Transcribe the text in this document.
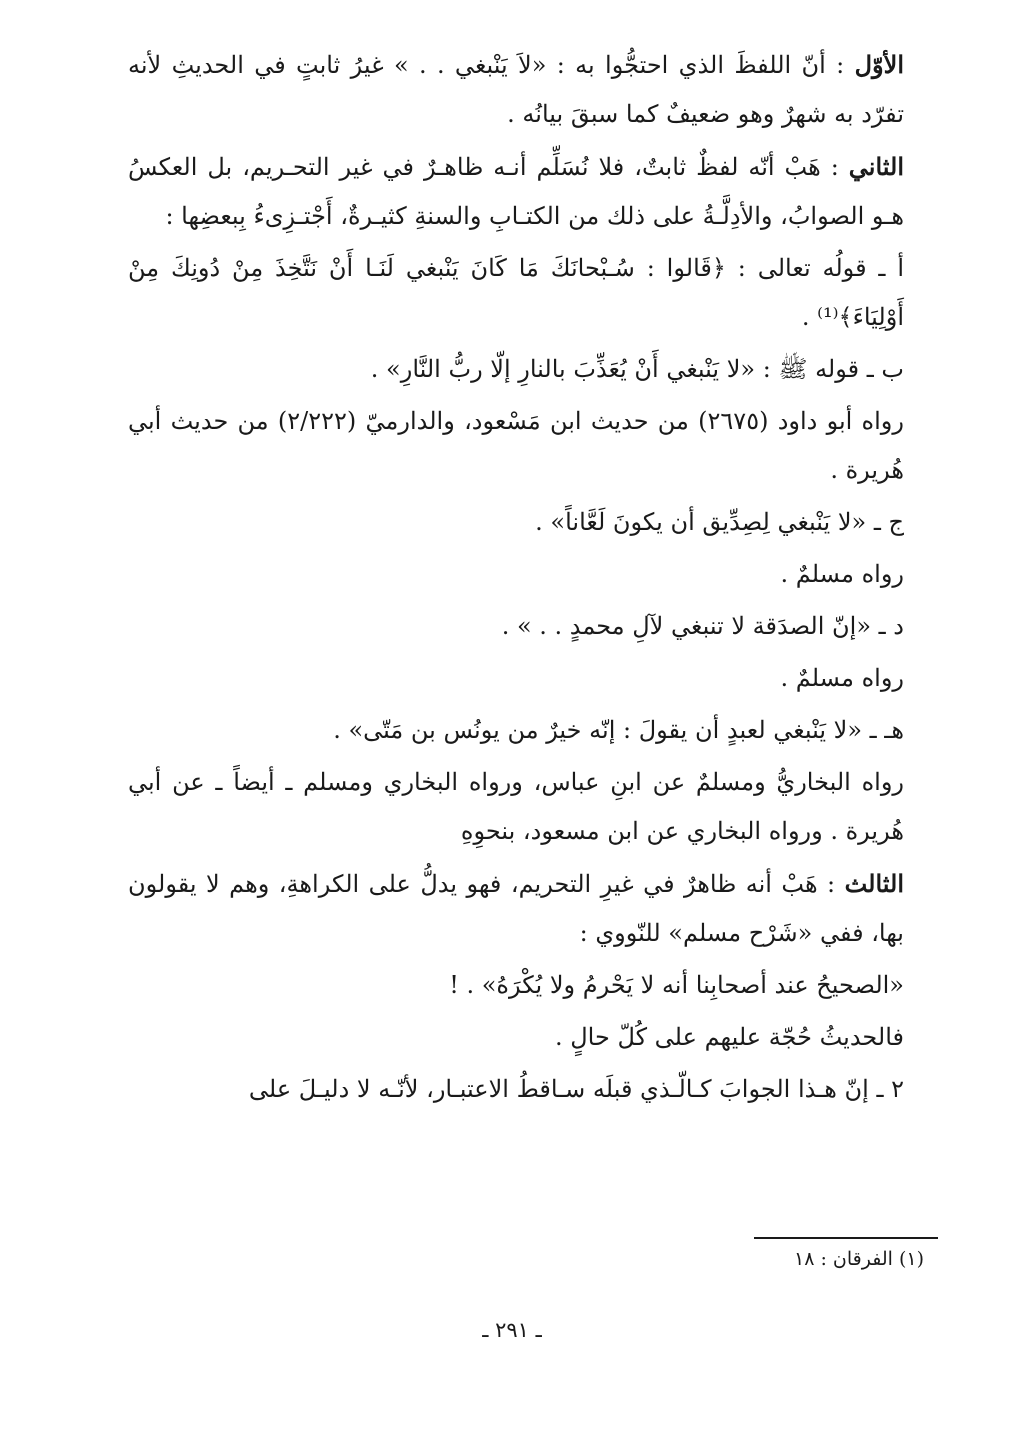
الأوّل : أنّ اللفظَ الذي احتجُّوا به : «لاَ يَنْبغي . . » غيرُ ثابتٍ في الحديثِ لأنه تفرّد به شهرٌ وهو ضعيفٌ كما سبقَ بيانُه .

الثاني : هَبْ أنّه لفظٌ ثابتٌ، فلا نُسَلِّم أنـه ظاهـرٌ في غير التحـريم، بل العكسُ هـو الصوابُ، والأدِلَّـةُ على ذلك من الكتـابِ والسنةِ كثيـرةٌ، أَجْتـزِىءُ بِبعضِها :

أ ـ قولُه تعالى : ﴿قَالوا : سُـبْحانَكَ مَا كَانَ يَنْبغي لَنَـا أَنْ نَتَّخِذَ مِنْ دُونِكَ مِنْ أَوْلِيَاءَ﴾⁽¹⁾ .

ب ـ قوله ﷺ : «لا يَنْبغي أَنْ يُعَذِّبَ بالنارِ إلّا ربُّ النَّارِ» .

رواه أبو داود (٢٦٧٥) من حديث ابن مَسْعود، والدارميّ (٢/٢٢٢) من حديث أبي هُريرة .

ج ـ «لا يَنْبغي لِصِدِّيق أن يكونَ لَعَّاناً» .

رواه مسلمٌ .

د ـ «إنّ الصدَقة لا تنبغي لآلِ محمدٍ . . » .

رواه مسلمٌ .

هـ ـ «لا يَنْبغي لعبدٍ أن يقولَ : إنّه خيرٌ من يونُس بن مَتّى» .

رواه البخاريُّ ومسلمٌ عن ابنِ عباس، ورواه البخاري ومسلم ـ أيضاً ـ عن أبي هُريرة . ورواه البخاري عن ابن مسعود، بنحوِهِ

الثالث : هَبْ أنه ظاهرٌ في غيرِ التحريم، فهو يدلُّ على الكراهةِ، وهم لا يقولون بها، ففي «شَرْح مسلم» للنّووي :

«الصحيحُ عند أصحابِنا أنه لا يَحْرمُ ولا يُكْرَهُ» . !

فالحديثُ حُجّة عليهم على كُلّ حالٍ .

٢ ـ إنّ هـذا الجوابَ كـالّـذي قبلَه سـاقطُ الاعتبـار، لأنّـه لا دليـلَ على

(١) الفرقان : ١٨
ـ ٢٩١ ـ
